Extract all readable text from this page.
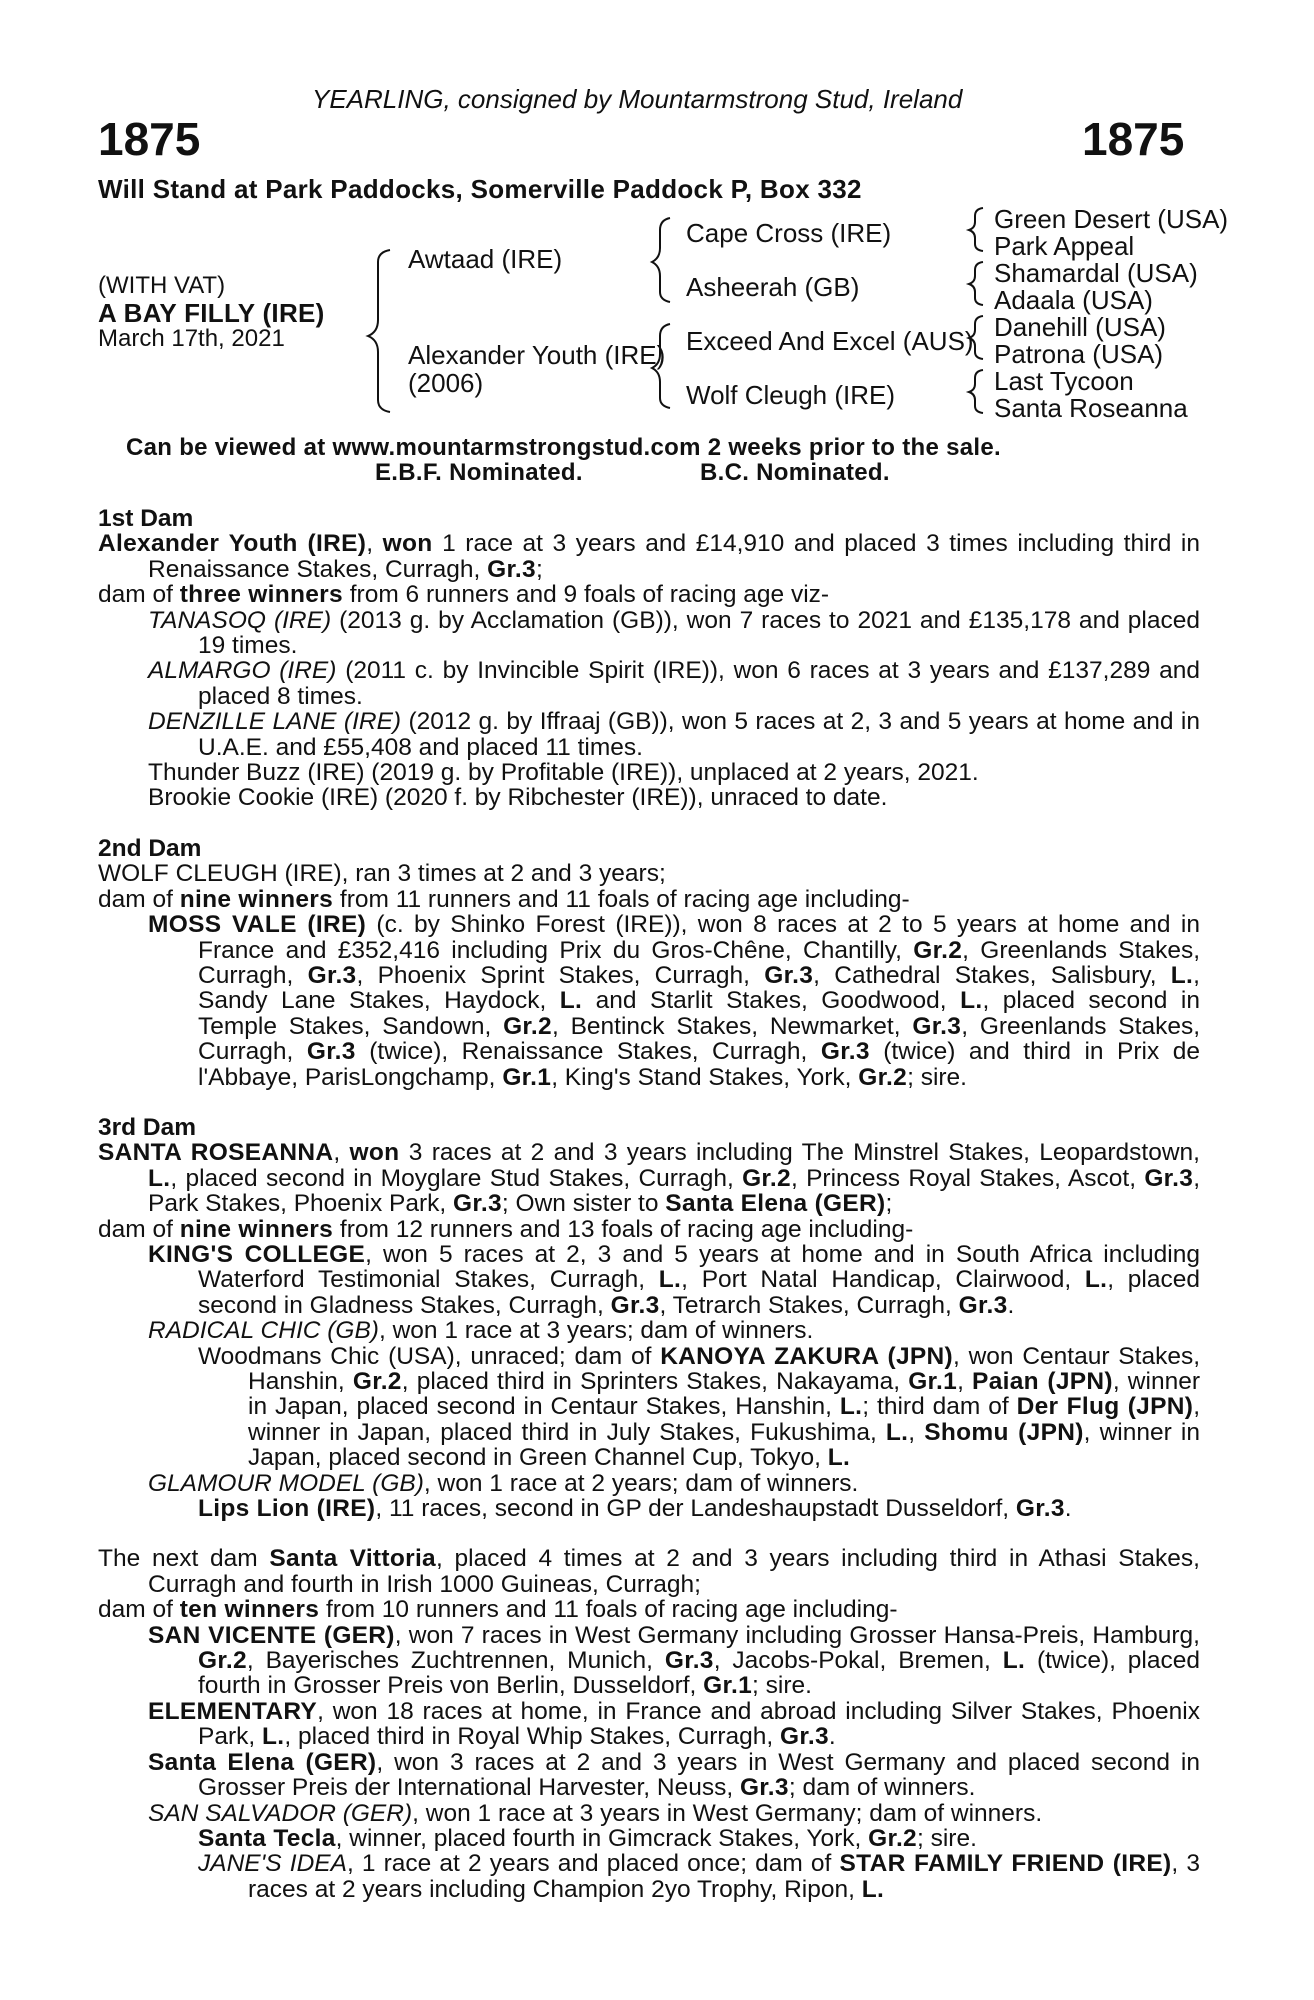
YEARLING, consigned by Mountarmstrong Stud, Ireland
1875	1875
Will Stand at Park Paddocks, Somerville Paddock P, Box 332
(WITH VAT)
A BAY FILLY (IRE)
March 17th, 2021
Awtaad (IRE)
Alexander Youth (IRE)
(2006)
Cape Cross (IRE)
Asheerah (GB)
Exceed And Excel (AUS)
Wolf Cleugh (IRE)
Green Desert (USA)
Park Appeal
Shamardal (USA)
Adaala (USA)
Danehill (USA)
Patrona (USA)
Last Tycoon
Santa Roseanna
Can be viewed at www.mountarmstrongstud.com 2 weeks prior to the sale.
E.B.F. Nominated.	B.C. Nominated.

1st Dam

Alexander Youth (IRE), won 1 race at 3 years and £14,910 and placed 3 times including third in Renaissance Stakes, Curragh, Gr.3;

dam of three winners from 6 runners and 9 foals of racing age viz-

TANASOQ (IRE) (2013 g. by Acclamation (GB)), won 7 races to 2021 and £135,178 and placed 19 times.

ALMARGO (IRE) (2011 c. by Invincible Spirit (IRE)), won 6 races at 3 years and £137,289 and placed 8 times.

DENZILLE LANE (IRE) (2012 g. by Iffraaj (GB)), won 5 races at 2, 3 and 5 years at home and in U.A.E. and £55,408 and placed 11 times.

Thunder Buzz (IRE) (2019 g. by Profitable (IRE)), unplaced at 2 years, 2021.

Brookie Cookie (IRE) (2020 f. by Ribchester (IRE)), unraced to date.

2nd Dam

WOLF CLEUGH (IRE), ran 3 times at 2 and 3 years;

dam of nine winners from 11 runners and 11 foals of racing age including-

MOSS VALE (IRE) (c. by Shinko Forest (IRE)), won 8 races at 2 to 5 years at home and in France and £352,416 including Prix du Gros-Chêne, Chantilly, Gr.2, Greenlands Stakes, Curragh, Gr.3, Phoenix Sprint Stakes, Curragh, Gr.3, Cathedral Stakes, Salisbury, L., Sandy Lane Stakes, Haydock, L. and Starlit Stakes, Goodwood, L., placed second in Temple Stakes, Sandown, Gr.2, Bentinck Stakes, Newmarket, Gr.3, Greenlands Stakes, Curragh, Gr.3 (twice), Renaissance Stakes, Curragh, Gr.3 (twice) and third in Prix de l'Abbaye, ParisLongchamp, Gr.1, King's Stand Stakes, York, Gr.2; sire.

3rd Dam

SANTA ROSEANNA, won 3 races at 2 and 3 years including The Minstrel Stakes, Leopardstown, L., placed second in Moyglare Stud Stakes, Curragh, Gr.2, Princess Royal Stakes, Ascot, Gr.3, Park Stakes, Phoenix Park, Gr.3; Own sister to Santa Elena (GER);

dam of nine winners from 12 runners and 13 foals of racing age including-

KING'S COLLEGE, won 5 races at 2, 3 and 5 years at home and in South Africa including Waterford Testimonial Stakes, Curragh, L., Port Natal Handicap, Clairwood, L., placed second in Gladness Stakes, Curragh, Gr.3, Tetrarch Stakes, Curragh, Gr.3.

RADICAL CHIC (GB), won 1 race at 3 years; dam of winners.

Woodmans Chic (USA), unraced; dam of KANOYA ZAKURA (JPN), won Centaur Stakes, Hanshin, Gr.2, placed third in Sprinters Stakes, Nakayama, Gr.1, Paian (JPN), winner in Japan, placed second in Centaur Stakes, Hanshin, L.; third dam of Der Flug (JPN), winner in Japan, placed third in July Stakes, Fukushima, L., Shomu (JPN), winner in Japan, placed second in Green Channel Cup, Tokyo, L.

GLAMOUR MODEL (GB), won 1 race at 2 years; dam of winners.

Lips Lion (IRE), 11 races, second in GP der Landeshaupstadt Dusseldorf, Gr.3.

The next dam Santa Vittoria, placed 4 times at 2 and 3 years including third in Athasi Stakes, Curragh and fourth in Irish 1000 Guineas, Curragh;

dam of ten winners from 10 runners and 11 foals of racing age including-

SAN VICENTE (GER), won 7 races in West Germany including Grosser Hansa-Preis, Hamburg, Gr.2, Bayerisches Zuchtrennen, Munich, Gr.3, Jacobs-Pokal, Bremen, L. (twice), placed fourth in Grosser Preis von Berlin, Dusseldorf, Gr.1; sire.

ELEMENTARY, won 18 races at home, in France and abroad including Silver Stakes, Phoenix Park, L., placed third in Royal Whip Stakes, Curragh, Gr.3.

Santa Elena (GER), won 3 races at 2 and 3 years in West Germany and placed second in Grosser Preis der International Harvester, Neuss, Gr.3; dam of winners.

SAN SALVADOR (GER), won 1 race at 3 years in West Germany; dam of winners.

Santa Tecla, winner, placed fourth in Gimcrack Stakes, York, Gr.2; sire.

JANE'S IDEA, 1 race at 2 years and placed once; dam of STAR FAMILY FRIEND (IRE), 3 races at 2 years including Champion 2yo Trophy, Ripon, L.
